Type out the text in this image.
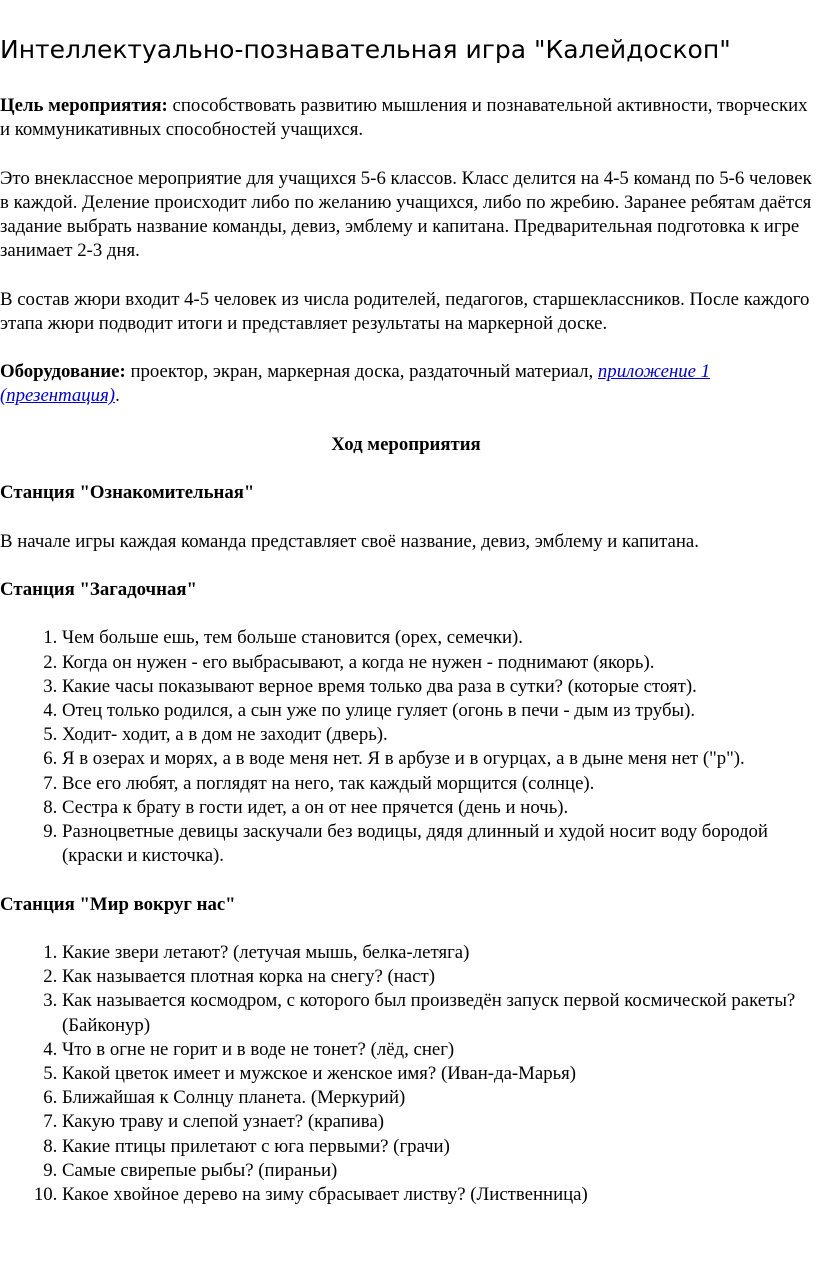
Интеллектуально-познавательная игра "Калейдоскоп"

Цель мероприятия: способствовать развитию мышления и познавательной активности, творческих и коммуникативных способностей учащихся.

Это внеклассное мероприятие для учащихся 5-6 классов. Класс делится на 4-5 команд по 5-6 человек в каждой. Деление происходит либо по желанию учащихся, либо по жребию. Заранее ребятам даётся задание выбрать название команды, девиз, эмблему и капитана. Предварительная подготовка к игре занимает 2-3 дня.

В состав жюри входит 4-5 человек из числа родителей, педагогов, старшеклассников. После каждого этапа жюри подводит итоги и представляет результаты на маркерной доске.

Оборудование: проектор, экран, маркерная доска, раздаточный материал, приложение 1 (презентация).

Ход мероприятия
Станция "Ознакомительная"

В начале игры каждая команда представляет своё название, девиз, эмблему и капитана.

Станция "Загадочная"
1. Чем больше ешь, тем больше становится (орех, семечки).
2. Когда он нужен - его выбрасывают, а когда не нужен - поднимают (якорь).
3. Какие часы показывают верное время только два раза в сутки? (которые стоят).
4. Отец только родился, а сын уже по улице гуляет (огонь в печи - дым из трубы).
5. Ходит- ходит, а в дом не заходит (дверь).
6. Я в озерах и морях, а в воде меня нет. Я в арбузе и в огурцах, а в дыне меня нет ("р").
7. Все его любят, а поглядят на него, так каждый морщится (солнце).
8. Сестра к брату в гости идет, а он от нее прячется (день и ночь).
9. Разноцветные девицы заскучали без водицы, дядя длинный и худой носит воду бородой (краски и кисточка).
Станция "Мир вокруг нас"
1. Какие звери летают? (летучая мышь, белка-летяга)
2. Как называется плотная корка на снегу? (наст)
3. Как называется космодром, с которого был произведён запуск первой космической ракеты? (Байконур)
4. Что в огне не горит и в воде не тонет? (лёд, снег)
5. Какой цветок имеет и мужское и женское имя? (Иван-да-Марья)
6. Ближайшая к Солнцу планета. (Меркурий)
7. Какую траву и слепой узнает? (крапива)
8. Какие птицы прилетают с юга первыми? (грачи)
9. Самые свирепые рыбы? (пираньи)
10. Какое хвойное дерево на зиму сбрасывает листву? (Лиственница)
